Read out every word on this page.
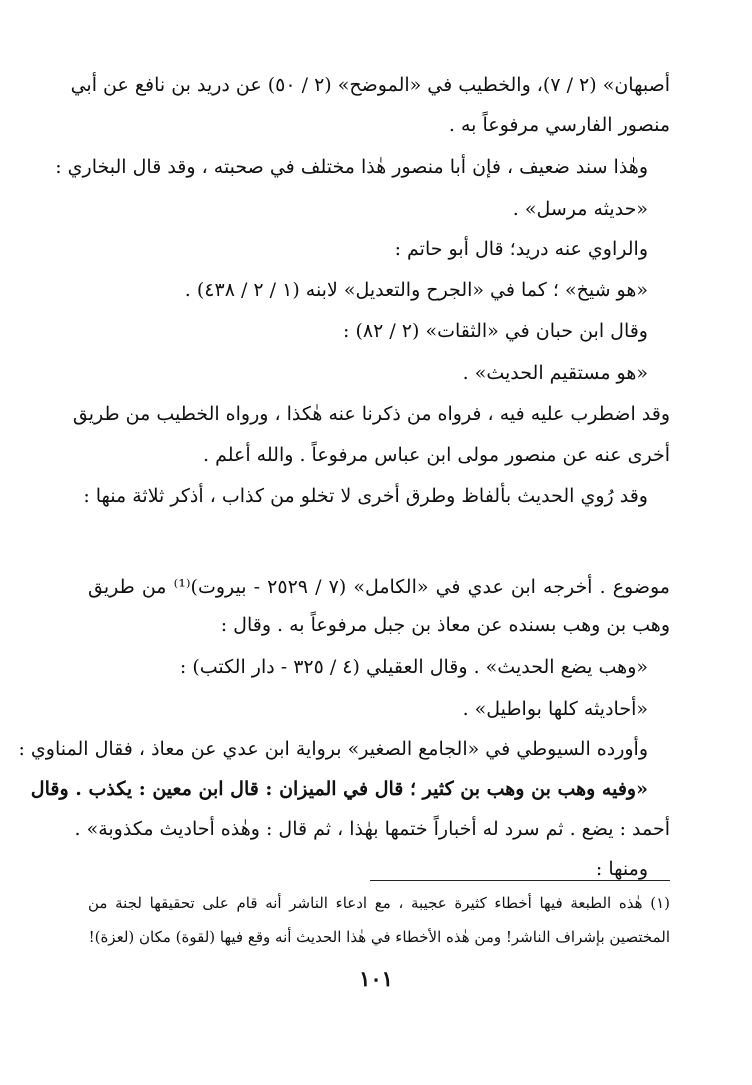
أصبهان» (٢ / ٧)، والخطيب في «الموضح» (٢ / ٥٠) عن دريد بن نافع عن أبي
منصور الفارسي مرفوعاً به .
وهٰذا سند ضعيف ، فإن أبا منصور هٰذا مختلف في صحبته ، وقد قال البخاري :
«حديثه مرسل» .
والراوي عنه دريد؛ قال أبو حاتم :
«هو شيخ» ؛ كما في «الجرح والتعديل» لابنه (١ / ٢ / ٤٣٨) .
وقال ابن حبان في «الثقات» (٢ / ٨٢) :
«هو مستقيم الحديث» .
وقد اضطرب عليه فيه ، فرواه من ذكرنا عنه هٰكذا ، ورواه الخطيب من طريق
أخرى عنه عن منصور مولى ابن عباس مرفوعاً . والله أعلم .
وقد رُوي الحديث بألفاظ وطرق أخرى لا تخلو من كذاب ، أذكر ثلاثة منها :
موضوع . أخرجه ابن عدي في «الكامل» (٧ / ٢٥٢٩ - بيروت)⁽¹⁾ من طريق
وهب بن وهب بسنده عن معاذ بن جبل مرفوعاً به . وقال :
«وهب يضع الحديث» . وقال العقيلي (٤ / ٣٢٥ - دار الكتب) :
«أحاديثه كلها بواطيل» .
وأورده السيوطي في «الجامع الصغير» برواية ابن عدي عن معاذ ، فقال المناوي :
«وفيه وهب بن وهب بن كثير ؛ قال في الميزان : قال ابن معين : يكذب . وقال
أحمد : يضع . ثم سرد له أخباراً ختمها بهٰذا ، ثم قال : وهٰذه أحاديث مكذوبة» .
ومنها :
(١) هٰذه الطبعة فيها أخطاء كثيرة عجيبة ، مع ادعاء الناشر أنه قام على تحقيقها لجنة من
المختصين بإشراف الناشر! ومن هٰذه الأخطاء في هٰذا الحديث أنه وقع فيها (لقوة) مكان (لعزة)!
١٠١
